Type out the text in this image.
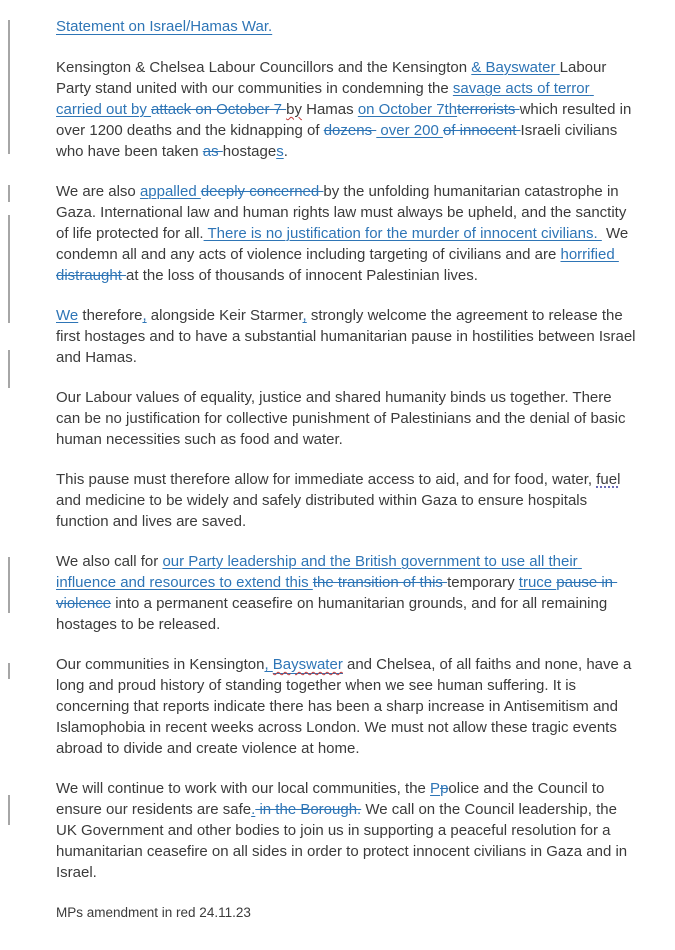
Statement on Israel/Hamas War.

Kensington & Chelsea Labour Councillors and the Kensington & Bayswater Labour Party stand united with our communities in condemning the savage acts of terror carried out by attack on October 7 by Hamas on October 7thterrorists which resulted in over 1200 deaths and the kidnapping of dozens  over 200 of innocent Israeli civilians who have been taken as hostages.

We are also appalled deeply concerned by the unfolding humanitarian catastrophe in Gaza. International law and human rights law must always be upheld, and the sanctity of life protected for all. There is no justification for the murder of innocent civilians.  We condemn all and any acts of violence including targeting of civilians and are horrified distraught at the loss of thousands of innocent Palestinian lives.

We therefore, alongside Keir Starmer, strongly welcome the agreement to release the first hostages and to have a substantial humanitarian pause in hostilities between Israel and Hamas.

Our Labour values of equality, justice and shared humanity binds us together. There can be no justification for collective punishment of Palestinians and the denial of basic human necessities such as food and water.

This pause must therefore allow for immediate access to aid, and for food, water, fuel and medicine to be widely and safely distributed within Gaza to ensure hospitals function and lives are saved.

We also call for our Party leadership and the British government to use all their influence and resources to extend this the transition of this temporary truce pause in violence into a permanent ceasefire on humanitarian grounds, and for all remaining hostages to be released.

Our communities in Kensington, Bayswater and Chelsea, of all faiths and none, have a long and proud history of standing together when we see human suffering. It is concerning that reports indicate there has been a sharp increase in Antisemitism and Islamophobia in recent weeks across London. We must not allow these tragic events abroad to divide and create violence at home.

We will continue to work with our local communities, the Ppolice and the Council to ensure our residents are safe. in the Borough. We call on the Council leadership, the UK Government and other bodies to join us in supporting a peaceful resolution for a humanitarian ceasefire on all sides in order to protect innocent civilians in Gaza and in Israel.

MPs amendment in red 24.11.23
